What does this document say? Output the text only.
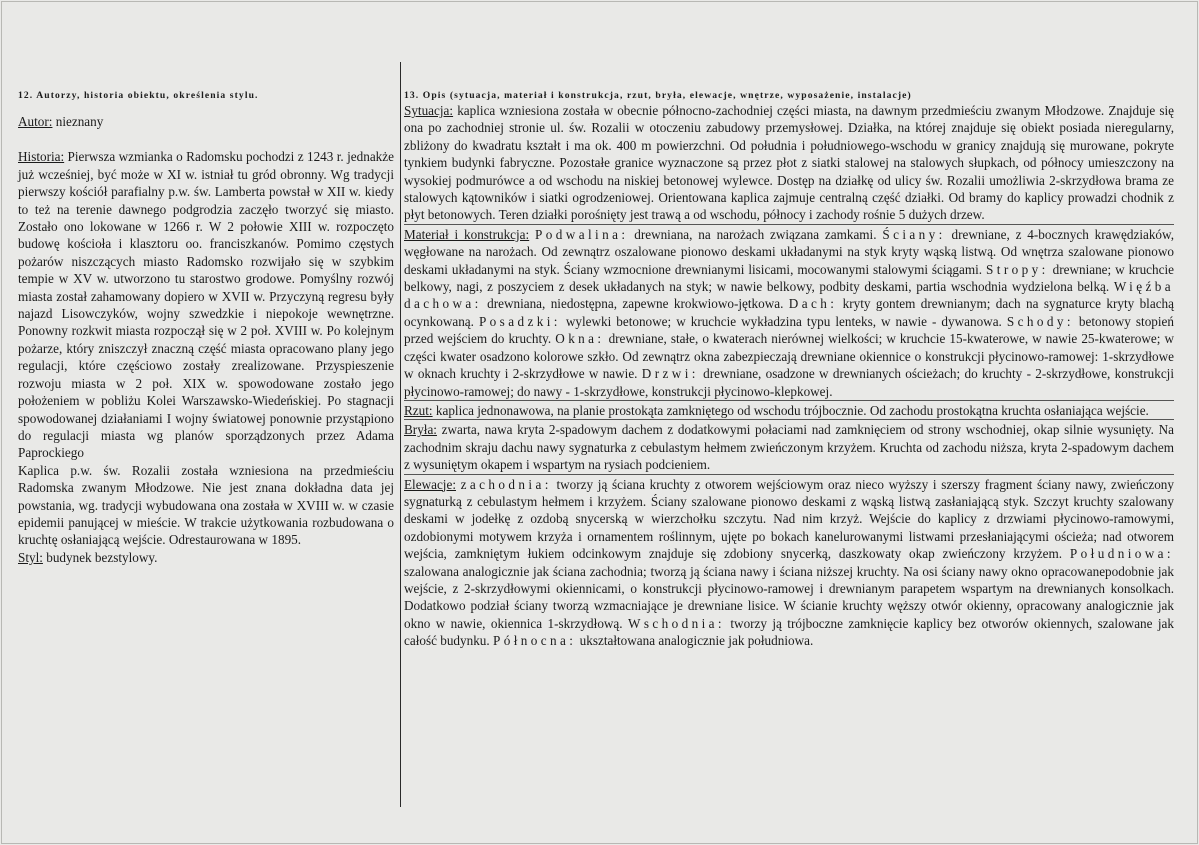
12. Autorzy, historia obiektu, określenia stylu.

Autor: nieznany

Historia: Pierwsza wzmianka o Radomsku pochodzi z 1243 r. jednakże już wcześniej, być może w XI w. istniał tu gród obronny. Wg tradycji pierwszy kościół parafialny p.w. św. Lamberta powstał w XII w. kiedy to też na terenie dawnego podgrodzia zaczęło tworzyć się miasto. Zostało ono lokowane w 1266 r. W 2 połowie XIII w. rozpoczęto budowę kościoła i klasztoru oo. franciszkanów. Pomimo częstych pożarów niszczących miasto Radomsko rozwijało się w szybkim tempie w XV w. utworzono tu starostwo grodowe. Pomyślny rozwój miasta został zahamowany dopiero w XVII w. Przyczyną regresu były najazd Lisowczyków, wojny szwedzkie i niepokoje wewnętrzne. Ponowny rozkwit miasta rozpoczął się w 2 poł. XVIII w. Po kolejnym pożarze, który zniszczył znaczną część miasta opracowano plany jego regulacji, które częściowo zostały zrealizowane. Przyspieszenie rozwoju miasta w 2 poł. XIX w. spowodowane zostało jego położeniem w pobliżu Kolei Warszawsko-Wiedeńskiej. Po stagnacji spowodowanej działaniami I wojny światowej ponownie przystąpiono do regulacji miasta wg planów sporządzonych przez Adama Paprockiego

Kaplica p.w. św. Rozalii została wzniesiona na przedmieściu Radomska zwanym Młodzowe. Nie jest znana dokładna data jej powstania, wg. tradycji wybudowana ona została w XVIII w. w czasie epidemii panującej w mieście. W trakcie użytkowania rozbudowana o kruchtę osłaniającą wejście. Odrestaurowana w 1895.

Styl: budynek bezstylowy.

13. Opis (sytuacja, materiał i konstrukcja, rzut, bryła, elewacje, wnętrze, wyposażenie, instalacje)

Sytuacja: kaplica wzniesiona została w obecnie północno-zachodniej części miasta, na dawnym przedmieściu zwanym Młodzowe. Znajduje się ona po zachodniej stronie ul. św. Rozalii w otoczeniu zabudowy przemysłowej. Działka, na której znajduje się obiekt posiada nieregularny, zbliżony do kwadratu kształt i ma ok. 400 m powierzchni. Od południa i południowego-wschodu w granicy znajdują się murowane, pokryte tynkiem budynki fabryczne. Pozostałe granice wyznaczone są przez płot z siatki stalowej na stalowych słupkach, od północy umieszczony na wysokiej podmurówce a od wschodu na niskiej betonowej wylewce. Dostęp na działkę od ulicy św. Rozalii umożliwia 2-skrzydłowa brama ze stalowych kątowników i siatki ogrodzeniowej. Orientowana kaplica zajmuje centralną część działki. Od bramy do kaplicy prowadzi chodnik z płyt betonowych. Teren działki porośnięty jest trawą a od wschodu, północy i zachody rośnie 5 dużych drzew.

Materiał i konstrukcja: Podwalina: drewniana, na narożach związana zamkami. Ściany: drewniane, z 4-bocznych krawędziaków, węgłowane na narożach. Od zewnątrz oszalowane pionowo deskami układanymi na styk kryty wąską listwą. Od wnętrza szalowane pionowo deskami układanymi na styk. Ściany wzmocnione drewnianymi lisicami, mocowanymi stalowymi ściągami. Stropy: drewniane; w kruchcie belkowy, nagi, z poszyciem z desek układanych na styk; w nawie belkowy, podbity deskami, partia wschodnia wydzielona belką. Więźba dachowa: drewniana, niedostępna, zapewne krokwiowo-jętkowa. Dach: kryty gontem drewnianym; dach na sygnaturce kryty blachą ocynkowaną. Posadzki: wylewki betonowe; w kruchcie wykładzina typu lenteks, w nawie - dywanowa. Schody: betonowy stopień przed wejściem do kruchty. Okna: drewniane, stałe, o kwaterach nierównej wielkości; w kruchcie 15-kwaterowe, w nawie 25-kwaterowe; w części kwater osadzono kolorowe szkło. Od zewnątrz okna zabezpieczają drewniane okiennice o konstrukcji płycinowo-ramowej: 1-skrzydłowe w oknach kruchty i 2-skrzydłowe w nawie. Drzwi: drewniane, osadzone w drewnianych ościeżach; do kruchty - 2-skrzydłowe, konstrukcji płycinowo-ramowej; do nawy - 1-skrzydłowe, konstrukcji płycinowo-klepkowej.

Rzut: kaplica jednonawowa, na planie prostokąta zamkniętego od wschodu trójbocznie. Od zachodu prostokątna kruchta osłaniająca wejście.

Bryła: zwarta, nawa kryta 2-spadowym dachem z dodatkowymi połaciami nad zamknięciem od strony wschodniej, okap silnie wysunięty. Na zachodnim skraju dachu nawy sygnaturka z cebulastym hełmem zwieńczonym krzyżem. Kruchta od zachodu niższa, kryta 2-spadowym dachem z wysuniętym okapem i wspartym na rysiach podcieniem.

Elewacje: zachodnia: tworzy ją ściana kruchty z otworem wejściowym oraz nieco wyższy i szerszy fragment ściany nawy, zwieńczony sygnaturką z cebulastym hełmem i krzyżem. Ściany szalowane pionowo deskami z wąską listwą zasłaniającą styk. Szczyt kruchty szalowany deskami w jodełkę z ozdobą snycerską w wierzchołku szczytu. Nad nim krzyż. Wejście do kaplicy z drzwiami płycinowo-ramowymi, ozdobionymi motywem krzyża i ornamentem roślinnym, ujęte po bokach kanelurowanymi listwami przesłaniającymi ościeża; nad otworem wejścia, zamkniętym łukiem odcinkowym znajduje się zdobiony snycerką, daszkowaty okap zwieńczony krzyżem. Południowa: szalowana analogicznie jak ściana zachodnia; tworzą ją ściana nawy i ściana niższej kruchty. Na osi ściany nawy okno opracowanepodobnie jak wejście, z 2-skrzydłowymi okiennicami, o konstrukcji płycinowo-ramowej i drewnianym parapetem wspartym na drewnianych konsolkach. Dodatkowo podział ściany tworzą wzmacniające je drewniane lisice. W ścianie kruchty węższy otwór okienny, opracowany analogicznie jak okno w nawie, okiennica 1-skrzydłową. Wschodnia: tworzy ją trójboczne zamknięcie kaplicy bez otworów okiennych, szalowane jak całość budynku. Północna: ukształtowana analogicznie jak południowa.
